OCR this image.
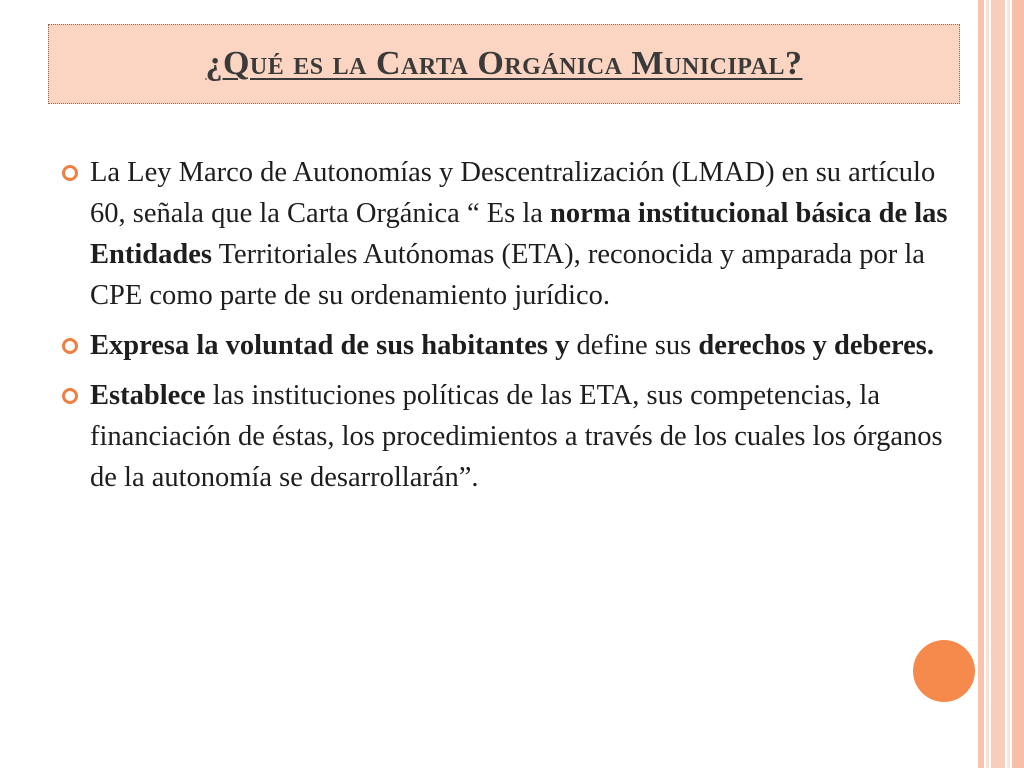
¿Qué es la Carta Orgánica Municipal?
La Ley Marco de Autonomías y Descentralización (LMAD) en su artículo 60, señala que la Carta Orgánica “ Es la norma institucional básica de las Entidades Territoriales Autónomas (ETA), reconocida y amparada por la CPE como parte de su ordenamiento jurídico.
Expresa la voluntad de sus habitantes y define sus derechos y deberes.
Establece las instituciones políticas de las ETA, sus competencias, la financiación de éstas, los procedimientos a través de los cuales los órganos de la autonomía se desarrollarán”.
